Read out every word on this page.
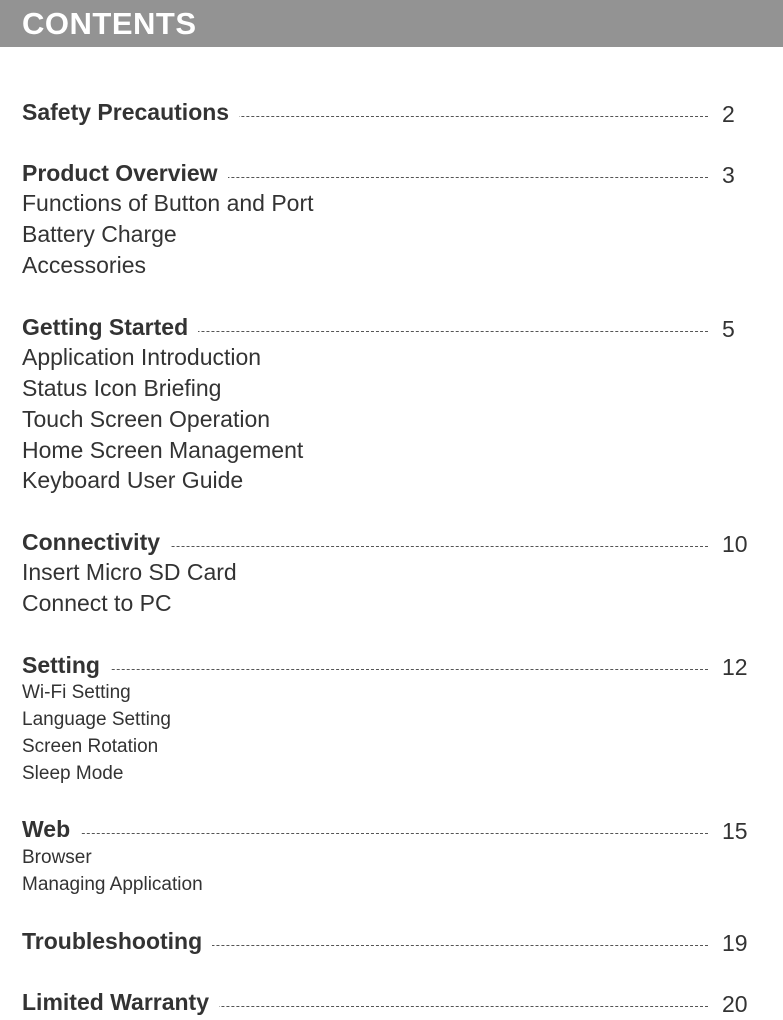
CONTENTS
Safety Precautions	2
Product Overview	3
Functions of Button and Port
Battery Charge
Accessories
Getting Started	5
Application Introduction
Status Icon Briefing
Touch Screen Operation
Home Screen Management
Keyboard User Guide
Connectivity	10
Insert Micro SD Card
Connect to PC
Setting	12
Wi-Fi Setting
Language Setting
Screen Rotation
Sleep Mode
Web	15
Browser
Managing Application
Troubleshooting	19
Limited Warranty	20
